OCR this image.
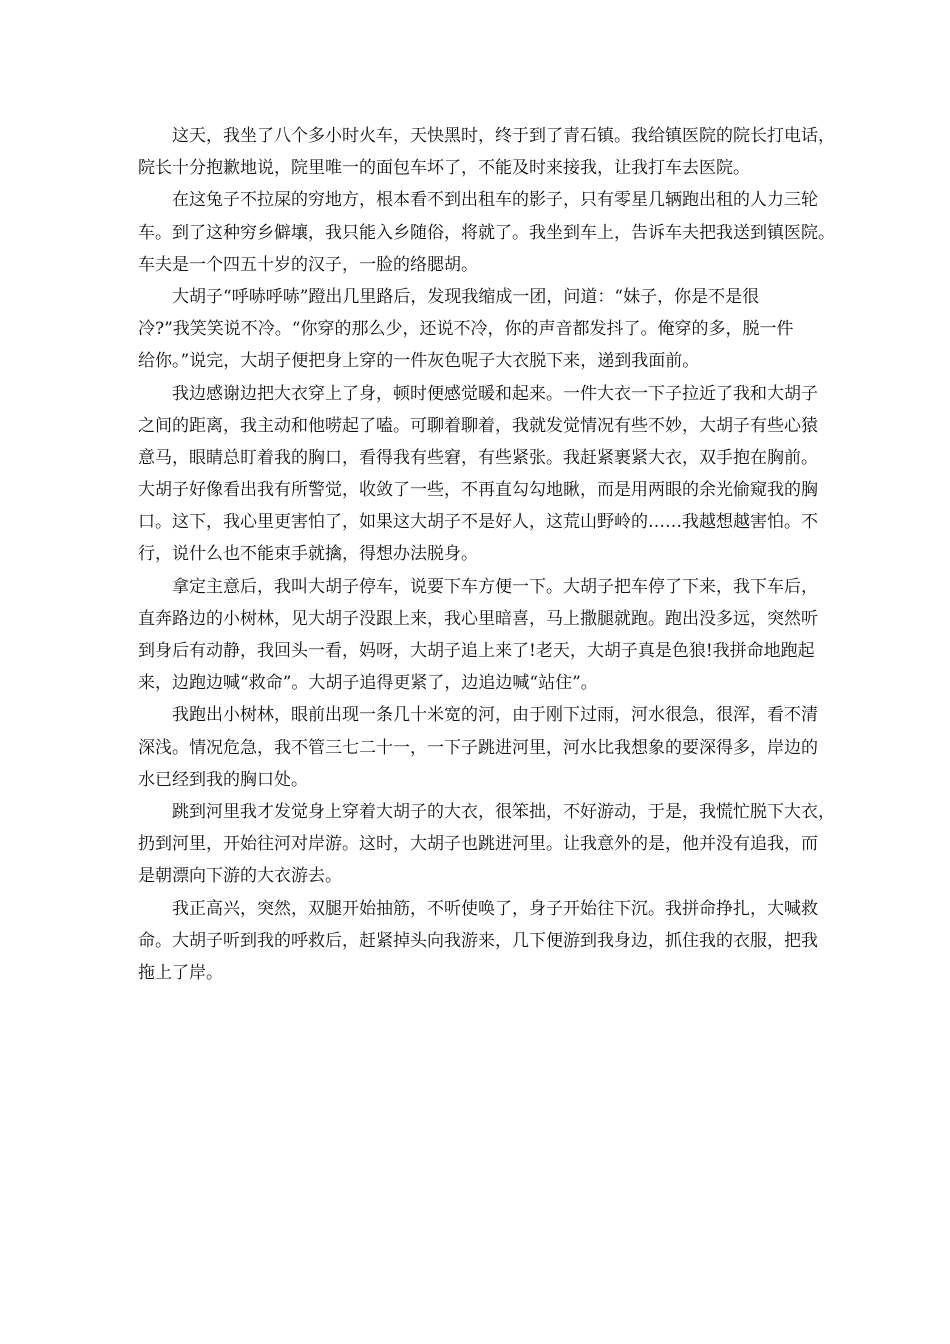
这天，我坐了八个多小时火车，天快黑时，终于到了青石镇。我给镇医院的院长打电话，
院长十分抱歉地说，院里唯一的面包车坏了，不能及时来接我，让我打车去医院。
在这兔子不拉屎的穷地方，根本看不到出租车的影子，只有零星几辆跑出租的人力三轮
车。到了这种穷乡僻壤，我只能入乡随俗，将就了。我坐到车上，告诉车夫把我送到镇医院。
车夫是一个四五十岁的汉子，一脸的络腮胡。
大胡子“呼哧呼哧”蹬出几里路后，发现我缩成一团，问道：“妹子，你是不是很
冷?”我笑笑说不冷。“你穿的那么少，还说不冷，你的声音都发抖了。俺穿的多，脱一件
给你。”说完，大胡子便把身上穿的一件灰色呢子大衣脱下来，递到我面前。
我边感谢边把大衣穿上了身，顿时便感觉暖和起来。一件大衣一下子拉近了我和大胡子
之间的距离，我主动和他唠起了嗑。可聊着聊着，我就发觉情况有些不妙，大胡子有些心猿
意马，眼睛总盯着我的胸口，看得我有些窘，有些紧张。我赶紧裹紧大衣，双手抱在胸前。
大胡子好像看出我有所警觉，收敛了一些，不再直勾勾地瞅，而是用两眼的余光偷窥我的胸
口。这下，我心里更害怕了，如果这大胡子不是好人，这荒山野岭的……我越想越害怕。不
行，说什么也不能束手就擒，得想办法脱身。
拿定主意后，我叫大胡子停车，说要下车方便一下。大胡子把车停了下来，我下车后，
直奔路边的小树林，见大胡子没跟上来，我心里暗喜，马上撒腿就跑。跑出没多远，突然听
到身后有动静，我回头一看，妈呀，大胡子追上来了!老天，大胡子真是色狼!我拼命地跑起
来，边跑边喊“救命”。大胡子追得更紧了，边追边喊“站住”。
我跑出小树林，眼前出现一条几十米宽的河，由于刚下过雨，河水很急，很浑，看不清
深浅。情况危急，我不管三七二十一，一下子跳进河里，河水比我想象的要深得多，岸边的
水已经到我的胸口处。
跳到河里我才发觉身上穿着大胡子的大衣，很笨拙，不好游动，于是，我慌忙脱下大衣，
扔到河里，开始往河对岸游。这时，大胡子也跳进河里。让我意外的是，他并没有追我，而
是朝漂向下游的大衣游去。
我正高兴，突然，双腿开始抽筋，不听使唤了，身子开始往下沉。我拼命挣扎，大喊救
命。大胡子听到我的呼救后，赶紧掉头向我游来，几下便游到我身边，抓住我的衣服，把我
拖上了岸。
